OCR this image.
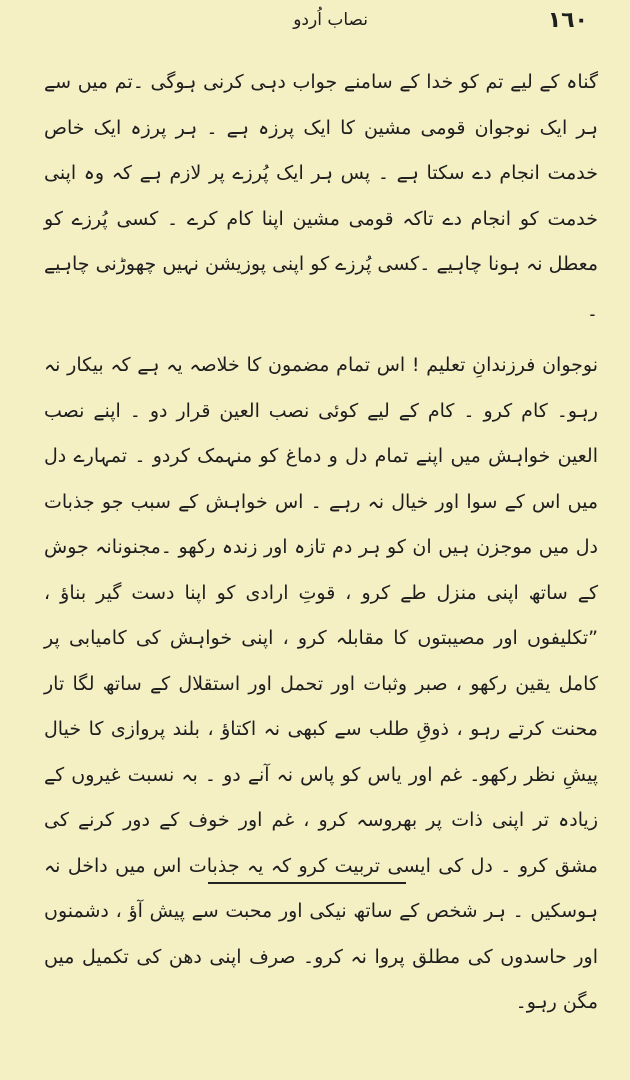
١٦٠
نصاب اُردو

گناہ کے لیے تم کو خدا کے سامنے جواب دہی کرنی ہوگی ۔تم میں سے ہر ایک نوجوان قومی مشین کا ایک پرزہ ہے ۔ ہر پرزہ ایک خاص خدمت انجام دے سکتا ہے ۔ پس ہر ایک پُرزے پر لازم ہے کہ وہ اپنی خدمت کو انجام دے تاکہ قومی مشین اپنا کام کرے ۔ کسی پُرزے کو معطل نہ ہونا چاہیے ۔کسی پُرزے کو اپنی پوزیشن نہیں چھوڑنی چاہیے ۔

نوجوان فرزندانِ تعلیم ! اس تمام مضمون کا خلاصہ یہ ہے کہ بیکار نہ رہو۔ کام کرو ۔ کام کے لیے کوئی نصب العین قرار دو ۔ اپنے نصب العین خواہش میں اپنے تمام دل و دماغ کو منہمک کردو ۔ تمہارے دل میں اس کے سوا اور خیال نہ رہے ۔ اس خواہش کے سبب جو جذبات دل میں موجزن ہیں ان کو ہر دم تازہ اور زندہ رکھو ۔مجنونانہ جوش کے ساتھ اپنی منزل طے کرو ، قوتِ ارادی کو اپنا دست گیر بناؤ ، ”تکلیفوں اور مصیبتوں کا مقابلہ کرو ، اپنی خواہش کی کامیابی پر کامل یقین رکھو ، صبر وثبات اور تحمل اور استقلال کے ساتھ لگا تار محنت کرتے رہو ، ذوقِ طلب سے کبھی نہ اکتاؤ ، بلند پروازی کا خیال پیشِ نظر رکھو۔ غم اور یاس کو پاس نہ آنے دو ۔ بہ نسبت غیروں کے زیادہ تر اپنی ذات پر بھروسہ کرو ، غم اور خوف کے دور کرنے کی مشق کرو ۔ دل کی ایسی تربیت کرو کہ یہ جذبات اس میں داخل نہ ہوسکیں ۔ ہر شخص کے ساتھ نیکی اور محبت سے پیش آؤ ، دشمنوں اور حاسدوں کی مطلق پروا نہ کرو۔ صرف اپنی دھن کی تکمیل میں مگن رہو۔
